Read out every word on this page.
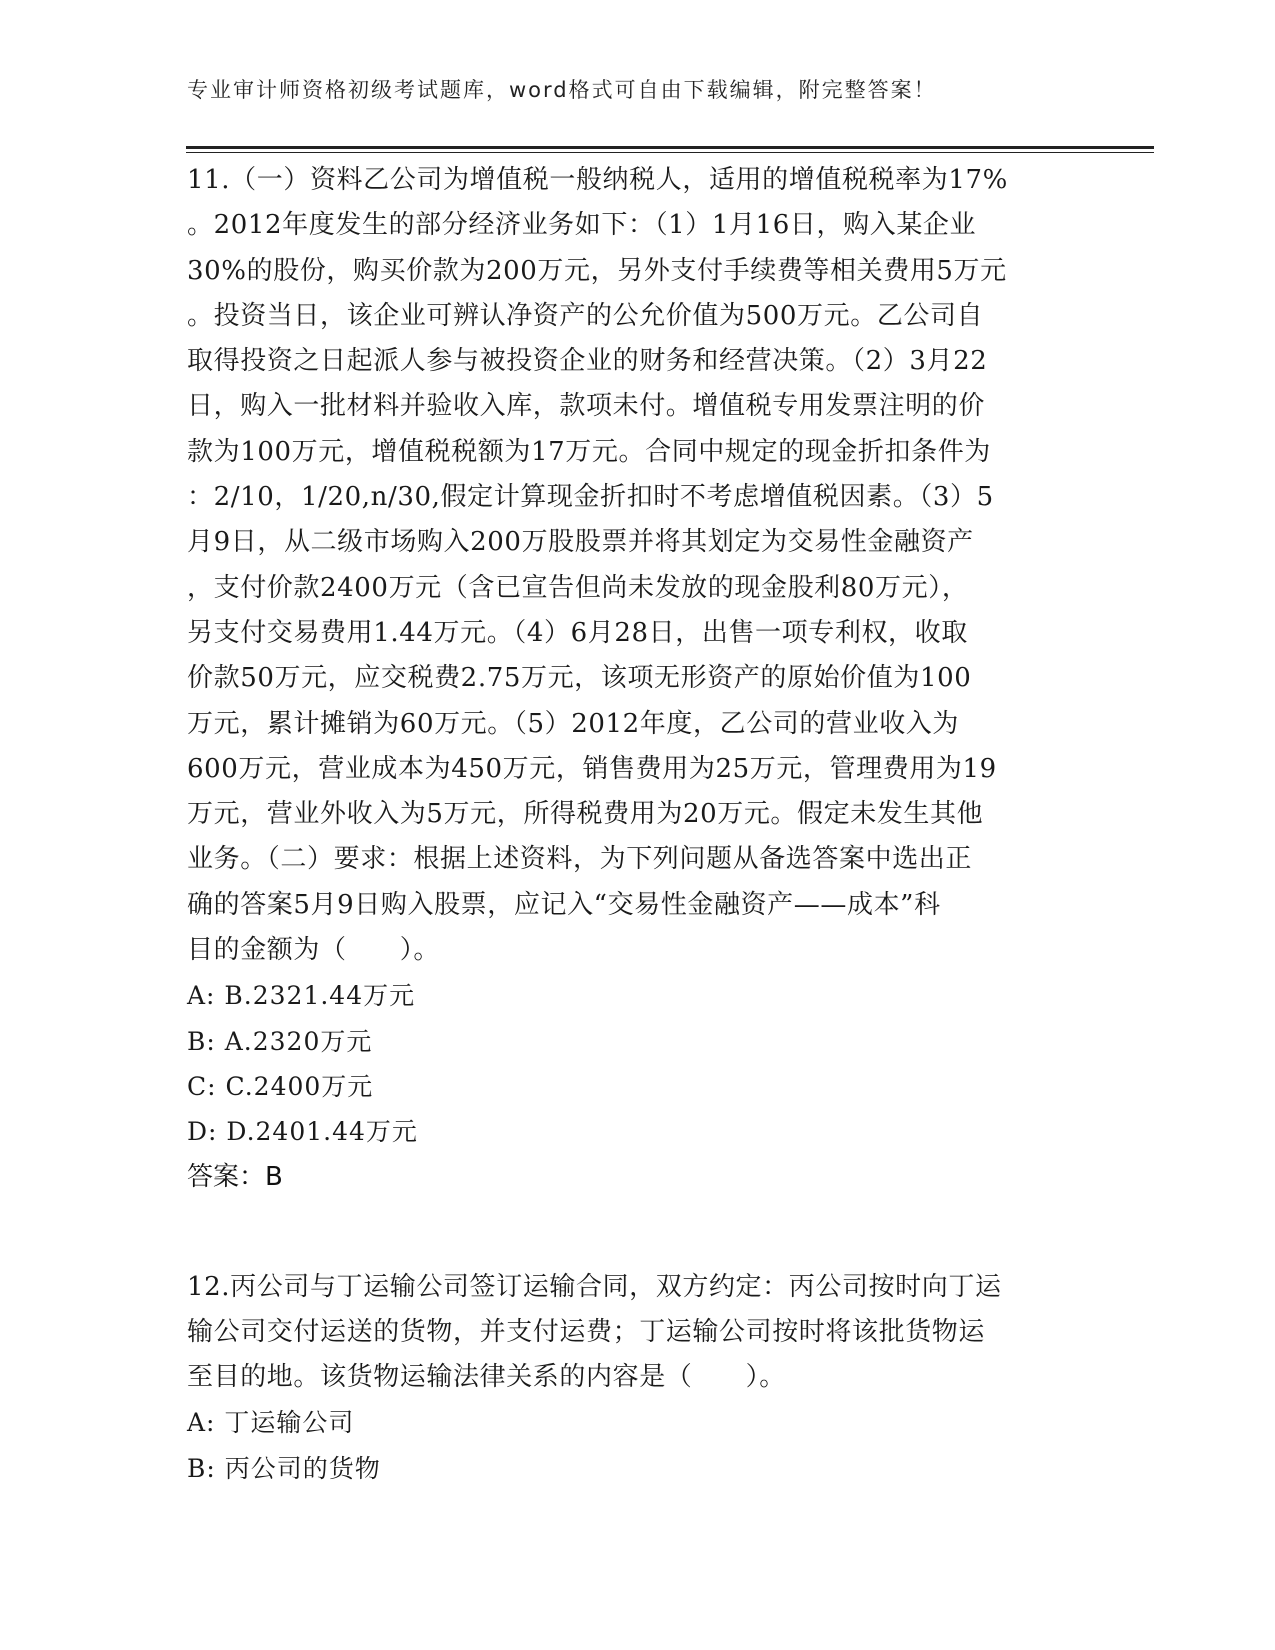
专业审计师资格初级考试题库，word格式可自由下载编辑，附完整答案！
11.（一）资料乙公司为增值税一般纳税人，适用的增值税税率为17%
。2012年度发生的部分经济业务如下：（1）1月16日，购入某企业
30%的股份，购买价款为200万元，另外支付手续费等相关费用5万元
。投资当日，该企业可辨认净资产的公允价值为500万元。乙公司自
取得投资之日起派人参与被投资企业的财务和经营决策。（2）3月22
日，购入一批材料并验收入库，款项未付。增值税专用发票注明的价
款为100万元，增值税税额为17万元。合同中规定的现金折扣条件为
：2/10，1/20,n/30,假定计算现金折扣时不考虑增值税因素。（3）5
月9日，从二级市场购入200万股股票并将其划定为交易性金融资产
，支付价款2400万元（含已宣告但尚未发放的现金股利80万元），
另支付交易费用1.44万元。（4）6月28日，出售一项专利权，收取
价款50万元，应交税费2.75万元，该项无形资产的原始价值为100
万元，累计摊销为60万元。（5）2012年度，乙公司的营业收入为
600万元，营业成本为450万元，销售费用为25万元，管理费用为19
万元，营业外收入为5万元，所得税费用为20万元。假定未发生其他
业务。（二）要求：根据上述资料，为下列问题从备选答案中选出正
确的答案5月9日购入股票，应记入“交易性金融资产——成本”科
目的金额为（　　）。
A: B.2321.44万元
B: A.2320万元
C: C.2400万元
D: D.2401.44万元
答案：B
12.丙公司与丁运输公司签订运输合同，双方约定：丙公司按时向丁运
输公司交付运送的货物，并支付运费；丁运输公司按时将该批货物运
至目的地。该货物运输法律关系的内容是（　　）。
A: 丁运输公司
B: 丙公司的货物
